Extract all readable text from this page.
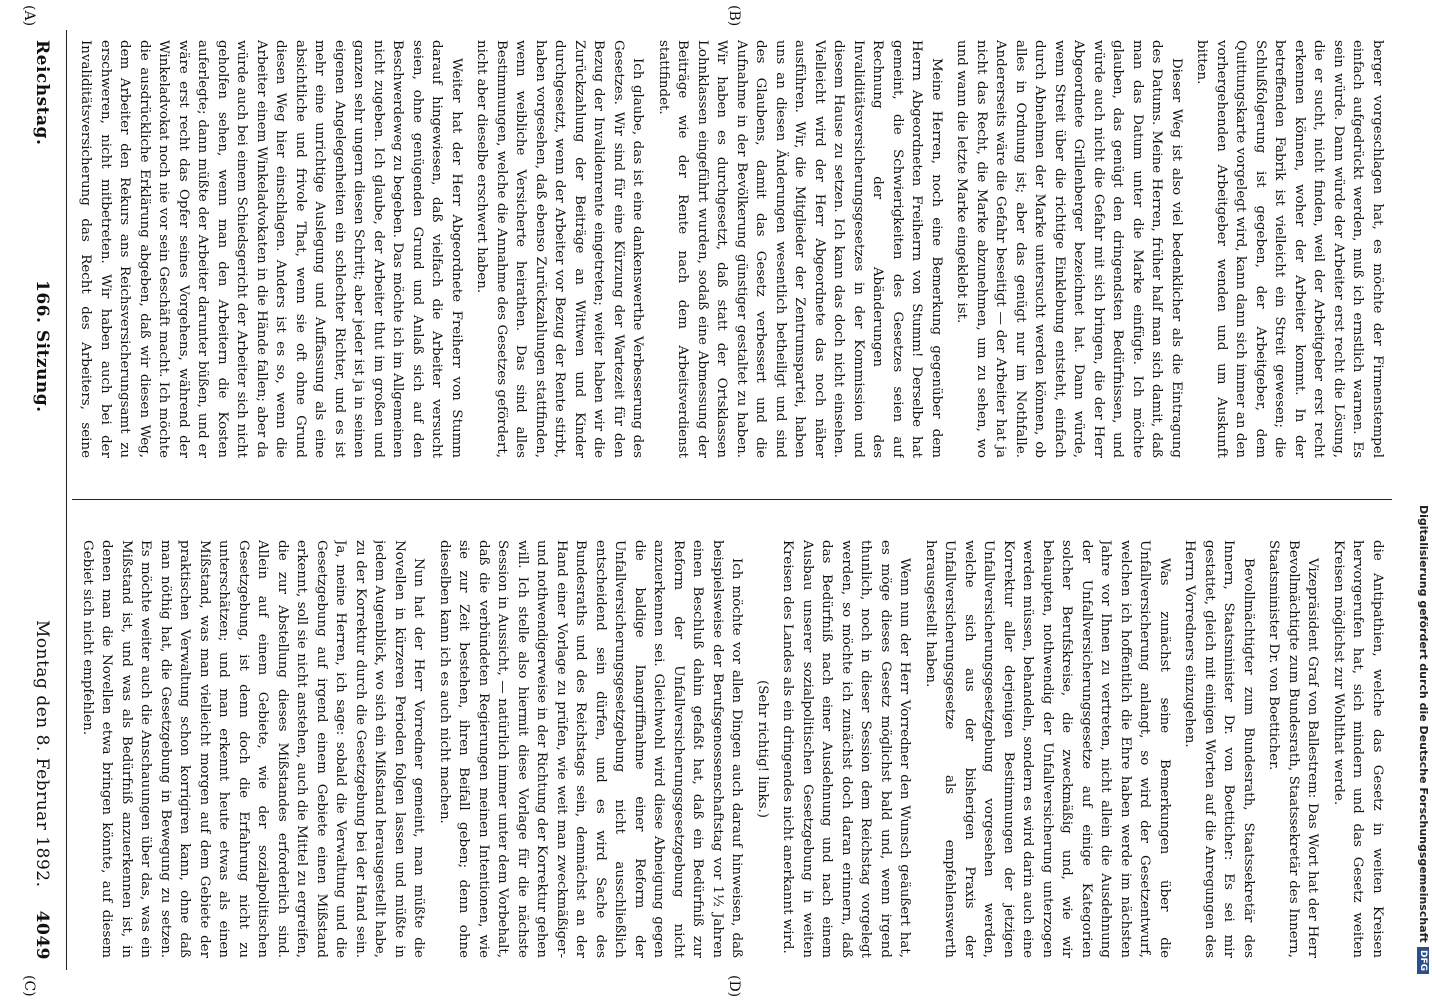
Reichstag.
166. Sitzung.
Montag den 8. Februar 1892.
4049
(A)	(B)
(C)	(D)

berger vorgeschlagen hat, es möchte der Firmenstempel einfach aufgedrückt werden, muß ich ernstlich warnen. Es sein würde. Dann würde der Arbeiter erst recht die Lösung, die er sucht, nicht finden, weil der Arbeitgeber erst recht erkennen können, woher der Arbeiter kommt. In der betreffenden Fabrik ist vielleicht ein Streit gewesen; die Schlußfolgerung ist gegeben, der Arbeitgeber, dem Quittungskarte vorgelegt wird, kann dann sich immer an den vorhergehenden Arbeitgeber wenden und um Auskunft bitten.

Dieser Weg ist also viel bedenklicher als die Eintragung des Datums. Meine Herren, früher half man sich damit, daß man das Datum unter die Marke einfügte. Ich möchte glauben, das genügt den dringendsten Bedürfnissen, und würde auch nicht die Gefahr mit sich bringen, die der Herr Abgeordnete Grillenberger bezeichnet hat. Dann würde, wenn Streit über die richtige Einklebung entsteht, einfach durch Abnehmen der Marke untersucht werden können, ob alles in Ordnung ist; aber das genügt nur im Nothfalle. Andererseits wäre die Gefahr beseitigt — der Arbeiter hat ja nicht das Recht, die Marke abzunehmen, um zu sehen, wo und wann die letzte Marke eingeklebt ist.

Meine Herren, noch eine Bemerkung gegenüber dem Herrn Abgeordneten Freiherrn von Stumm! Derselbe hat gemeint, die Schwierigkeiten des Gesetzes seien auf Rechnung der Abänderungen des Invaliditätsversicherungsgesetzes in der Kommission und diesem Hause zu setzen. Ich kann das doch nicht einsehen. Vielleicht wird der Herr Abgeordnete das noch näher ausführen. Wir, die Mitglieder der Zentrumspartei, haben uns an diesen Änderungen wesentlich betheiligt und sind des Glaubens, damit das Gesetz verbessert und die Aufnahme in der Bevölkerung günstiger gestaltet zu haben. Wir haben es durchgesetzt, daß statt der Ortsklassen Lohnklassen eingeführt wurden, sodaß eine Abmessung der Beiträge wie der Rente nach dem Arbeitsverdienst stattfindet.

Ich glaube, das ist eine dankenswerthe Verbesserung des Gesetzes. Wir sind für eine Kürzung der Wartezeit für den Bezug der Invalidenrente eingetreten; weiter haben wir die Zurückzahlung der Beiträge an Wittwen und Kinder durchgesetzt, wenn der Arbeiter vor Bezug der Rente stirbt, haben vorgesehen, daß ebenso Zurückzahlungen stattfinden, wenn weibliche Versicherte heirathen. Das sind alles Bestimmungen, welche die Annahme des Gesetzes gefördert, nicht aber dieselbe erschwert haben.

Weiter hat der Herr Abgeordnete Freiherr von Stumm darauf hingewiesen, daß vielfach die Arbeiter versucht seien, ohne genügenden Grund und Anlaß sich auf den Beschwerdeweg zu begeben. Das möchte ich im Allgemeinen nicht zugeben. Ich glaube, der Arbeiter thut im großen und ganzen sehr ungern diesen Schritt; aber jeder ist ja in seinen eigenen Angelegenheiten ein schlechter Richter, und es ist mehr eine unrichtige Auslegung und Auffassung als eine absichtliche und frivole That, wenn sie oft ohne Grund diesen Weg hier einschlagen. Anders ist es so, wenn die Arbeiter einem Winkeladvokaten in die Hände fallen; aber da würde auch bei einem Schiedsgericht der Arbeiter sich nicht geholfen sehen, wenn man den Arbeitern die Kosten auferlegte; dann müßte der Arbeiter darunter büßen, und er wäre erst recht das Opfer seines Vorgehens, während der Winkeladvokat noch nie vor sein Geschäft macht. Ich möchte die ausdrückliche Erklärung abgeben, daß wir diesen Weg, dem Arbeiter den Rekurs ans Reichsversicherungsamt zu erschweren, nicht mitbetreten. Wir haben auch bei der Invaliditätsversicherung das Recht des Arbeiters, seine

die Antipathien, welche das Gesetz in weiten Kreisen hervorgerufen hat, sich mindern und das Gesetz weiten Kreisen möglichst zur Wohlthat werde.

Vizepräsident Graf von Ballestrem: Das Wort hat der Herr Bevollmächtigte zum Bundesrath, Staatssekretär des Innern, Staatsminister Dr. von Boetticher.

Bevollmächtigter zum Bundesrath, Staatssekretär des Innern, Staatsminister Dr. von Boetticher: Es sei mir gestattet, gleich mit einigen Worten auf die Anregungen des Herrn Vorredners einzugehen.

Was zunächst seine Bemerkungen über die Unfallversicherung anlangt, so wird der Gesetzentwurf, welchen ich hoffentlich die Ehre haben werde im nächsten Jahre vor Ihnen zu vertreten, nicht allein die Ausdehnung der Unfallversicherungsgesetze auf einige Kategorien solcher Berufskreise, die zweckmäßig und, wie wir behaupten, nothwendig der Unfallversicherung unterzogen werden müssen, behandeln, sondern es wird darin auch eine Korrektur aller derjenigen Bestimmungen der jetzigen Unfallversicherungsgesetzgebung vorgesehen werden, welche sich aus der bisherigen Praxis der Unfallversicherungsgesetze als empfehlenswerth herausgestellt haben.

Wenn nun der Herr Vorredner den Wunsch geäußert hat, es möge dieses Gesetz möglichst bald und, wenn irgend thunlich, noch in dieser Session dem Reichstag vorgelegt werden, so möchte ich zunächst doch daran erinnern, daß das Bedürfniß nach einer Ausdehnung und nach einem Ausbau unserer sozialpolitischen Gesetzgebung in weiten Kreisen des Landes als ein dringendes nicht anerkannt wird.

(Sehr richtig! links.)

Ich möchte vor allen Dingen auch darauf hinweisen, daß beispielsweise der Berufsgenossenschaftstag vor 1½ Jahren einen Beschluß dahin gefaßt hat, daß ein Bedürfniß zur Reform der Unfallversicherungsgesetzgebung nicht anzuerkennen sei. Gleichwohl wird diese Abneigung gegen die baldige Inangriffnahme einer Reform der Unfallversicherungsgesetzgebung nicht ausschließlich entscheidend sein dürfen, und es wird Sache des Bundesraths und des Reichstags sein, demnächst an der Hand einer Vorlage zu prüfen, wie weit man zweckmäßiger- und nothwendigerweise in der Richtung der Korrektur gehen will. Ich stelle also hiermit diese Vorlage für die nächste Session in Aussicht, — natürlich immer unter dem Vorbehalt, daß die verbündeten Regierungen meinen Intentionen, wie sie zur Zeit bestehen, ihren Beifall geben; denn ohne dieselben kann ich es auch nicht machen.

Nun hat der Herr Vorredner gemeint, man müßte die Novellen in kürzeren Perioden folgen lassen und müßte in jedem Augenblick, wo sich ein Mißstand herausgestellt habe, zu der Korrektur durch die Gesetzgebung bei der Hand sein. Ja, meine Herren, ich sage: sobald die Verwaltung und die Gesetzgebung auf irgend einem Gebiete einen Mißstand erkennt, soll sie nicht anstehen, auch die Mittel zu ergreifen, die zur Abstellung dieses Mißstandes erforderlich sind. Allein auf einem Gebiete, wie der sozialpolitischen Gesetzgebung, ist denn doch die Erfahrung nicht zu unterschätzen; und man erkennt heute etwas als einen Mißstand, was man vielleicht morgen auf dem Gebiete der praktischen Verwaltung schon korrigiren kann, ohne daß man nöthig hat, die Gesetzgebung in Bewegung zu setzen. Es möchte weiter auch die Anschauungen über das, was ein Mißstand ist, und was als Bedürfniß anzuerkennen ist, in denen man die Novellen etwa bringen könnte, auf diesem Gebiet sich nicht empfehlen.	Digitalisierung gefördert durch die Deutsche Forschungsgemeinschaft DFG
